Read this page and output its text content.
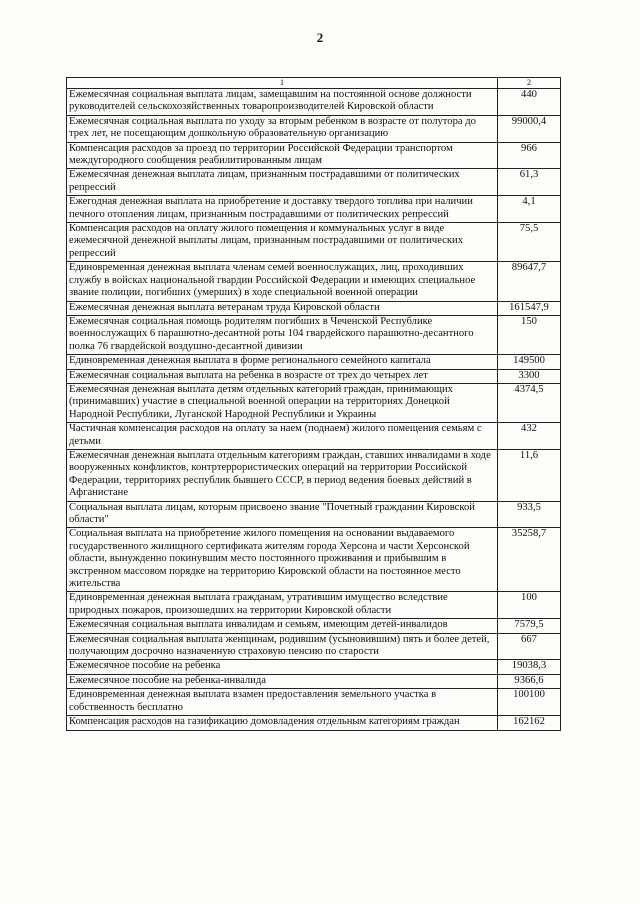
2
1	2
Ежемесячная социальная выплата лицам, замещавшим на постоянной основе должности руководителей сельскохозяйственных товаропроизводителей Кировской области	440
Ежемесячная социальная выплата по уходу за вторым ребенком в возрасте от полутора до трех лет, не посещающим дошкольную образовательную организацию	99000,4
Компенсация расходов за проезд по территории Российской Федерации транспортом междугородного сообщения реабилитированным лицам	966
Ежемесячная денежная выплата лицам, признанным пострадавшими от политических репрессий	61,3
Ежегодная денежная выплата на приобретение и доставку твердого топлива при наличии печного отопления лицам, признанным пострадавшими от политических репрессий	4,1
Компенсация расходов на оплату жилого помещения и коммунальных услуг в виде ежемесячной денежной выплаты лицам, признанным пострадавшими от политических репрессий	75,5
Единовременная денежная выплата членам семей военнослужащих, лиц, проходивших службу в войсках национальной гвардии Российской Федерации и имеющих специальное звание полиции, погибших (умерших) в ходе специальной военной операции	89647,7
Ежемесячная денежная выплата ветеранам труда Кировской области	161547,9
Ежемесячная социальная помощь родителям погибших в Чеченской Республике военнослужащих 6 парашютно-десантной роты 104 гвардейского парашютно-десантного полка 76 гвардейской воздушно-десантной дивизии	150
Единовременная денежная выплата в форме регионального семейного капитала	149500
Ежемесячная социальная выплата на ребенка в возрасте от трех до четырех лет	3300
Ежемесячная денежная выплата детям отдельных категорий граждан, принимающих (принимавших) участие в специальной военной операции на территориях Донецкой Народной Республики, Луганской Народной Республики и Украины	4374,5
Частичная компенсация расходов на оплату за наем (поднаем) жилого помещения семьям с детьми	432
Ежемесячная денежная выплата отдельным категориям граждан, ставших инвалидами в ходе вооруженных конфликтов, контртеррористических операций на территории Российской Федерации, территориях республик бывшего СССР, в период ведения боевых действий в Афганистане	11,6
Социальная выплата лицам, которым присвоено звание "Почетный гражданин Кировской области"	933,5
Социальная выплата на приобретение жилого помещения на основании выдаваемого государственного жилищного сертификата жителям города Херсона и части Херсонской области, вынужденно покинувшим место постоянного проживания и прибывшим в экстренном массовом порядке на территорию Кировской области на постоянное место жительства	35258,7
Единовременная денежная выплата гражданам, утратившим имущество вследствие природных пожаров, произошедших на территории Кировской области	100
Ежемесячная социальная выплата инвалидам и семьям, имеющим детей-инвалидов	7579,5
Ежемесячная социальная выплата женщинам, родившим (усыновившим) пять и более детей, получающим досрочно назначенную страховую пенсию по старости	667
Ежемесячное пособие на ребенка	19038,3
Ежемесячное пособие на ребенка-инвалида	9366,6
Единовременная денежная выплата взамен предоставления земельного участка в собственность бесплатно	100100
Компенсация расходов на газификацию домовладения отдельным категориям граждан	162162
